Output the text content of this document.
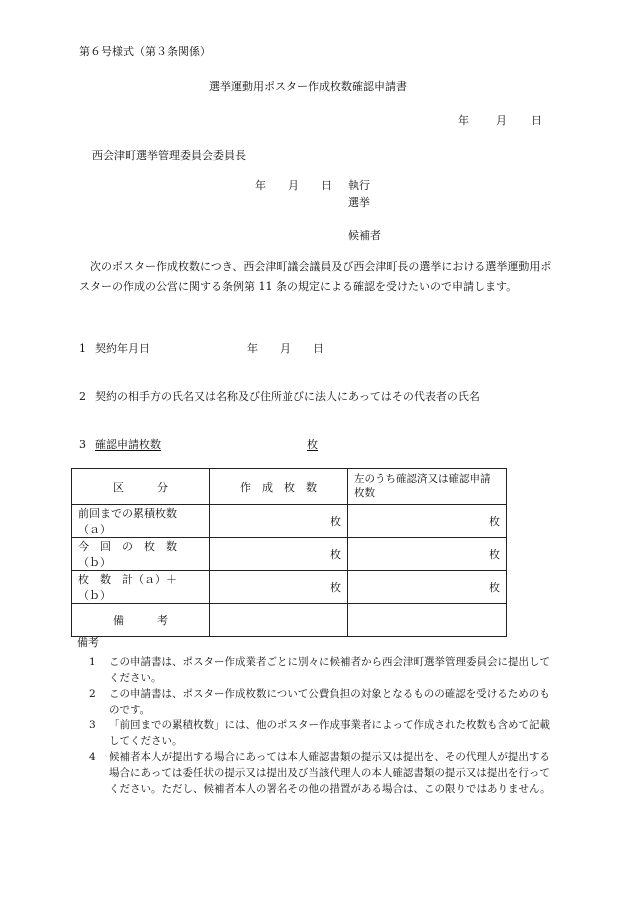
第６号様式（第３条関係）
選挙運動用ポスター作成枚数確認申請書
年 月 日
西会津町選挙管理委員会委員長
年　　月　　日 執行
選挙
候補者
次のポスター作成枚数につき、西会津町議会議員及び西会津町長の選挙における選挙運動用ポスターの作成の公営に関する条例第 11 条の規定による確認を受けたいので申請します。
1 契約年月日	年　　月　　日
2 契約の相手方の氏名又は名称及び住所並びに法人にあってはその代表者の氏名
3 確認申請枚数	枚
区　　　分	作　成　枚　数	左のうち確認済又は確認申請枚数
前回までの累積枚数（ａ）	枚	枚
今　回　の　枚　数（ｂ）	枚	枚
枚　数　計（ａ）＋（ｂ）	枚	枚
備　　　考		
備考
1	この申請書は、ポスター作成業者ごとに別々に候補者から西会津町選挙管理委員会に提出してください。
2	この申請書は、ポスター作成枚数について公費負担の対象となるものの確認を受けるためのものです。
3	「前回までの累積枚数」には、他のポスター作成事業者によって作成された枚数も含めて記載してください。
4	候補者本人が提出する場合にあっては本人確認書類の提示又は提出を、その代理人が提出する場合にあっては委任状の提示又は提出及び当該代理人の本人確認書類の提示又は提出を行ってください。ただし、候補者本人の署名その他の措置がある場合は、この限りではありません。
